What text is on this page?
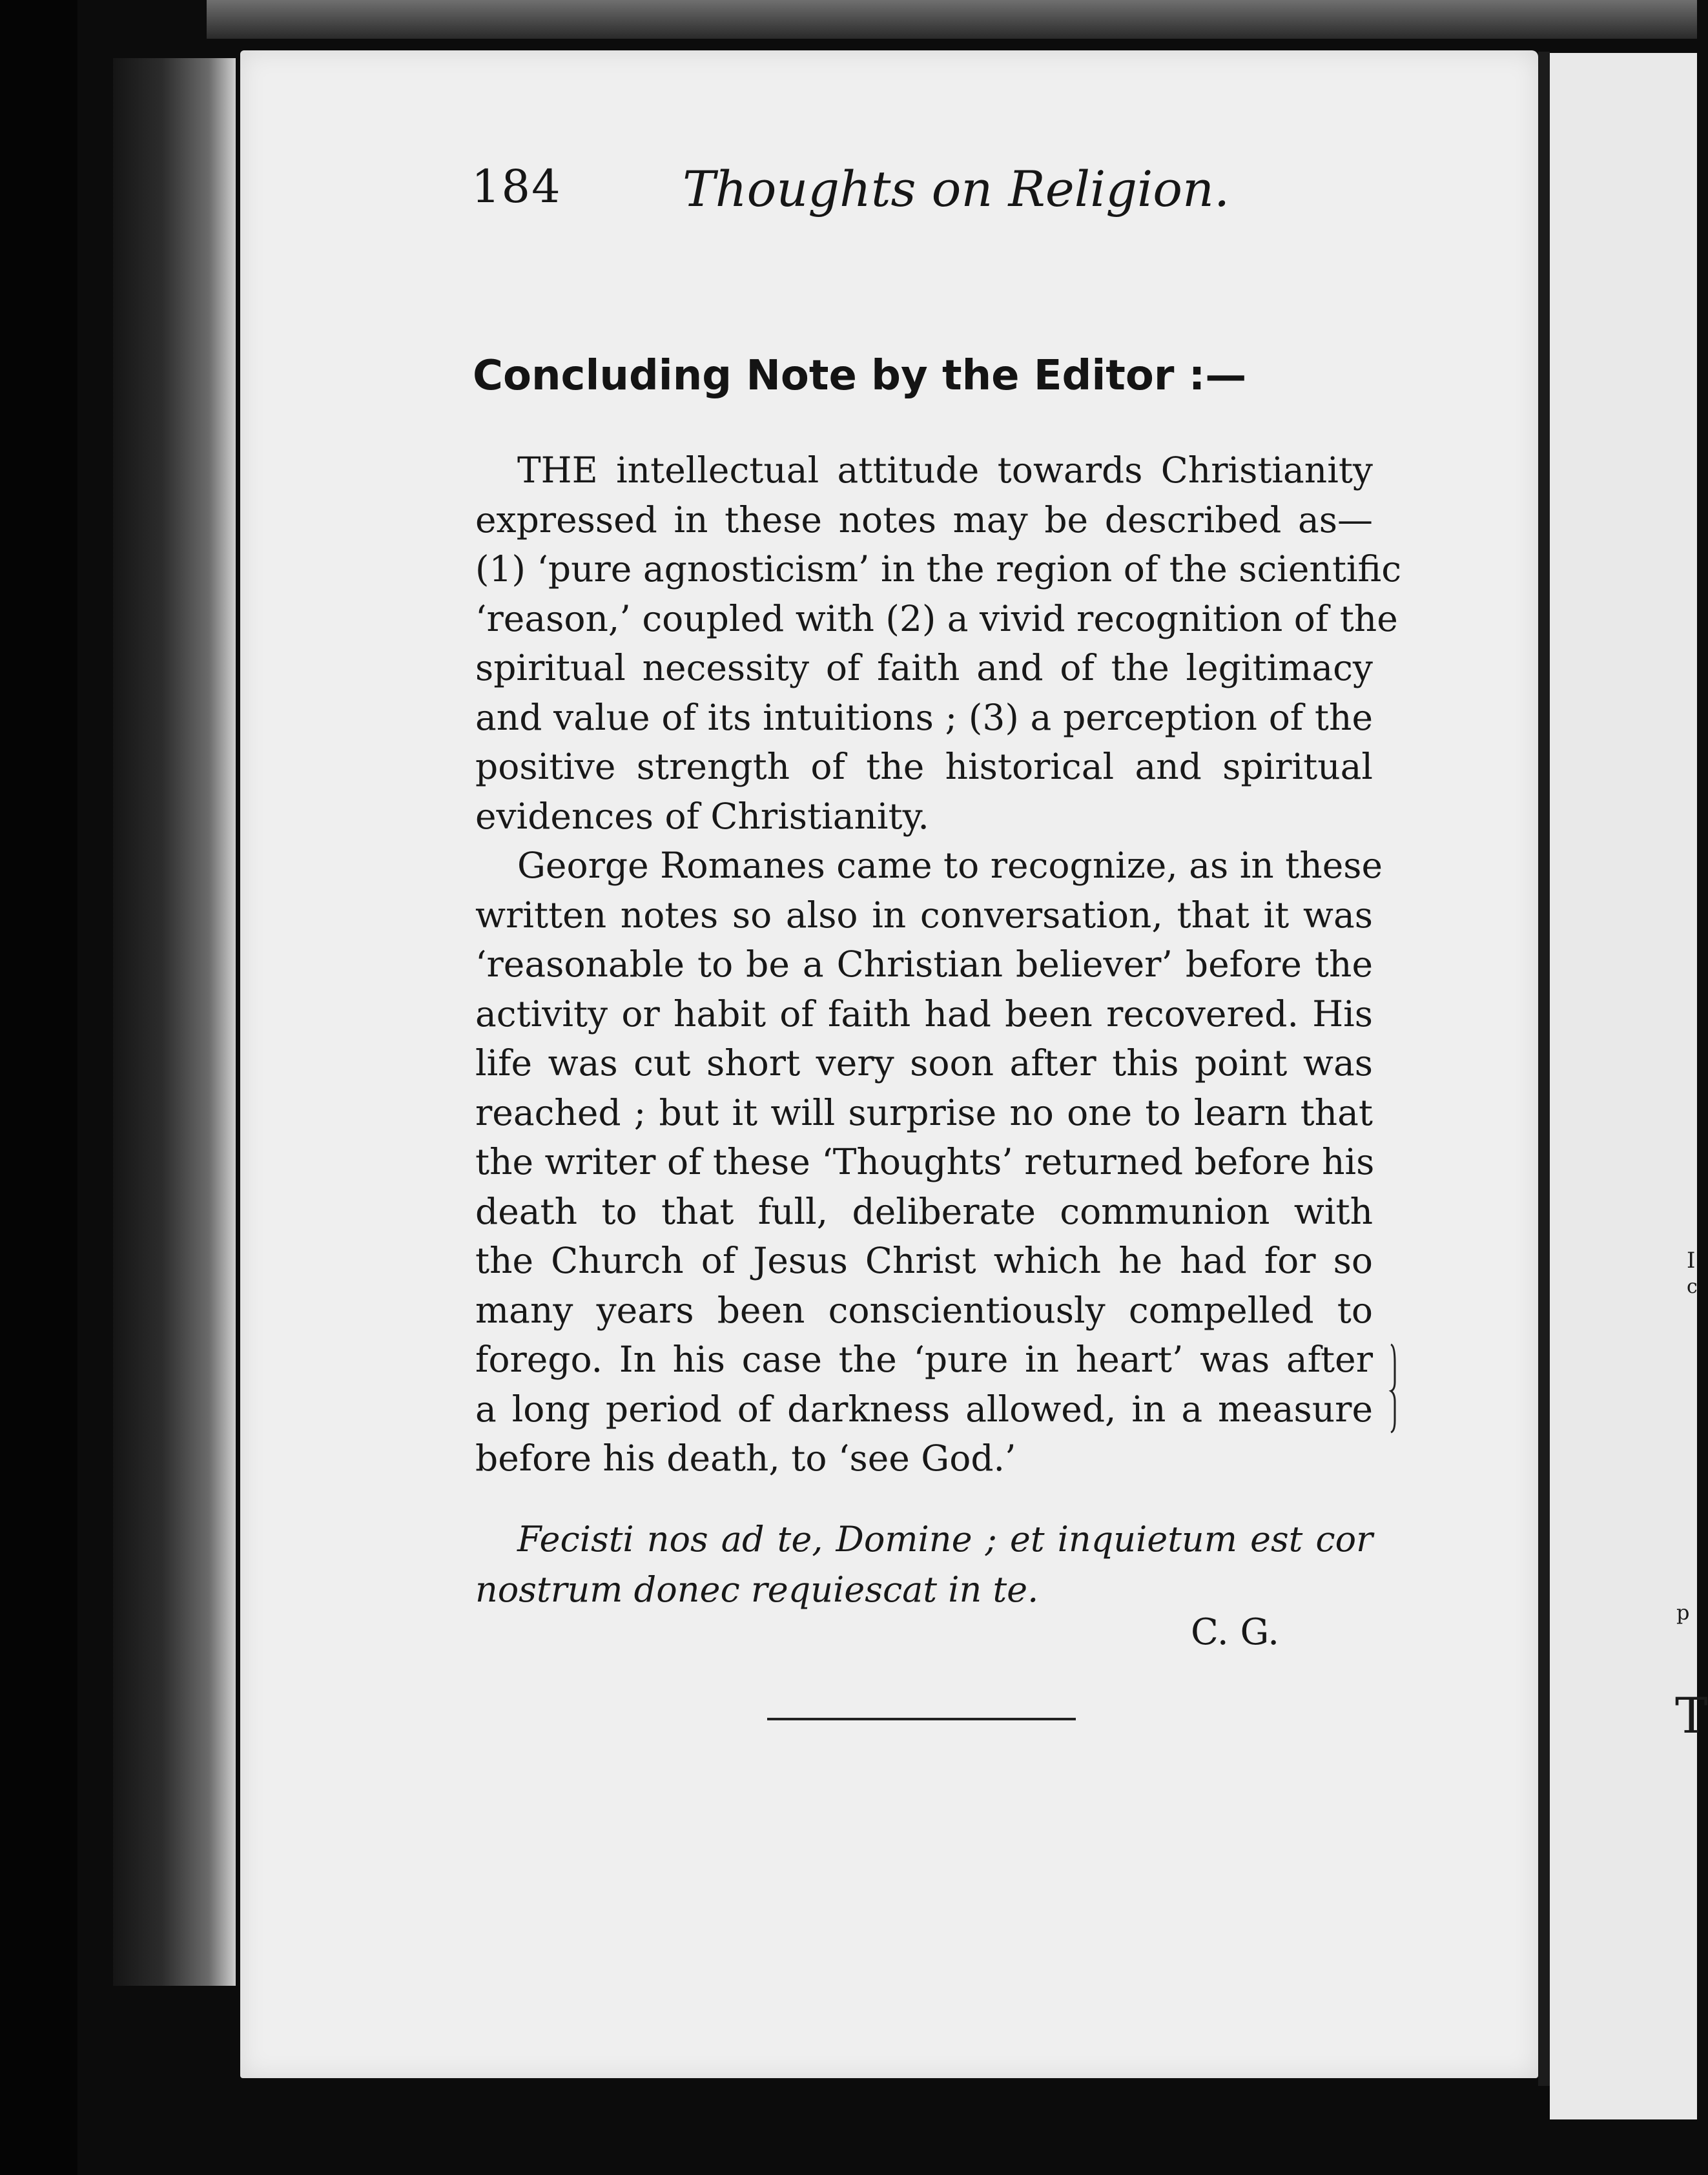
I
c
p
T
184 Thoughts on Religion.
Concluding Note by the Editor :—
THE intellectual attitude towards Christianity
expressed in these notes may be described as—
(1) ‘pure agnosticism’ in the region of the scientific
‘reason,’ coupled with (2) a vivid recognition of the
spiritual necessity of faith and of the legitimacy
and value of its intuitions ; (3) a perception of the
positive strength of the historical and spiritual
evidences of Christianity.
George Romanes came to recognize, as in these
written notes so also in conversation, that it was
‘reasonable to be a Christian believer’ before the
activity or habit of faith had been recovered. His
life was cut short very soon after this point was
reached ; but it will surprise no one to learn that
the writer of these ‘Thoughts’ returned before his
death to that full, deliberate communion with
the Church of Jesus Christ which he had for so
many years been conscientiously compelled to
forego. In his case the ‘pure in heart’ was after
a long period of darkness allowed, in a measure
before his death, to ‘see God.’
Fecisti nos ad te, Domine ; et inquietum est cor
nostrum donec requiescat in te.
C. G.
